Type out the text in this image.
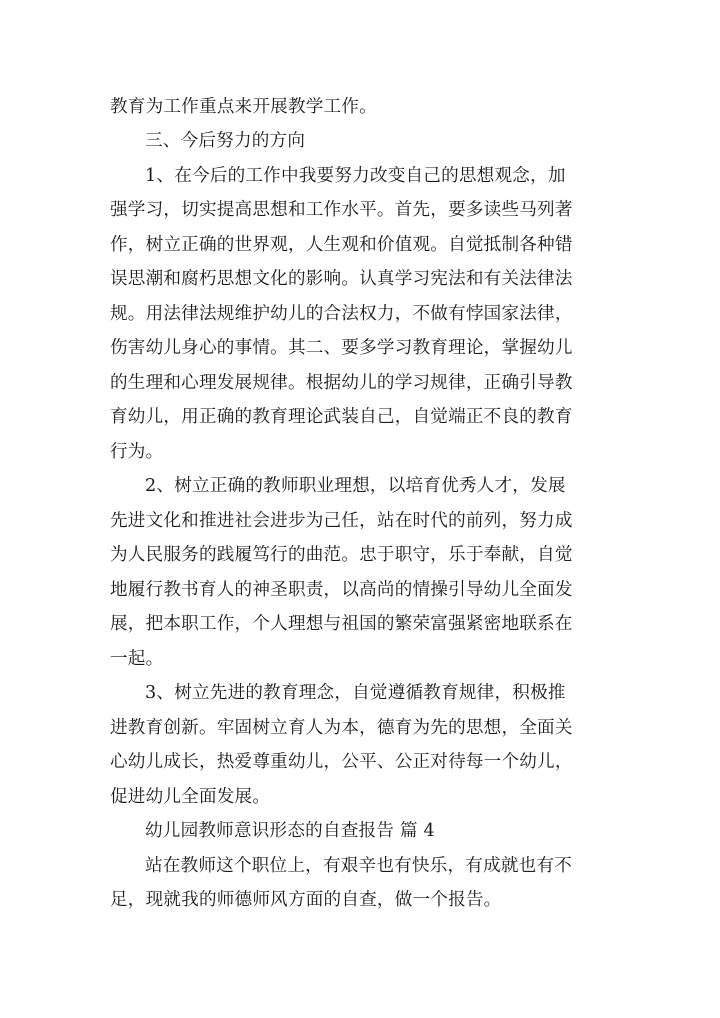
教育为工作重点来开展教学工作。
三、今后努力的方向
1、在今后的工作中我要努力改变自己的思想观念，加
强学习，切实提高思想和工作水平。首先，要多读些马列著
作，树立正确的世界观，人生观和价值观。自觉抵制各种错
误思潮和腐朽思想文化的影响。认真学习宪法和有关法律法
规。用法律法规维护幼儿的合法权力，不做有悖国家法律，
伤害幼儿身心的事情。其二、要多学习教育理论，掌握幼儿
的生理和心理发展规律。根据幼儿的学习规律，正确引导教
育幼儿，用正确的教育理论武装自己，自觉端正不良的教育
行为。
2、树立正确的教师职业理想，以培育优秀人才，发展
先进文化和推进社会进步为己任，站在时代的前列，努力成
为人民服务的践履笃行的曲范。忠于职守，乐于奉献，自觉
地履行教书育人的神圣职责，以高尚的情操引导幼儿全面发
展，把本职工作，个人理想与祖国的繁荣富强紧密地联系在
一起。
3、树立先进的教育理念，自觉遵循教育规律，积极推
进教育创新。牢固树立育人为本，德育为先的思想，全面关
心幼儿成长，热爱尊重幼儿，公平、公正对待每一个幼儿，
促进幼儿全面发展。
幼儿园教师意识形态的自查报告 篇 4
站在教师这个职位上，有艰辛也有快乐，有成就也有不
足，现就我的师德师风方面的自查，做一个报告。
